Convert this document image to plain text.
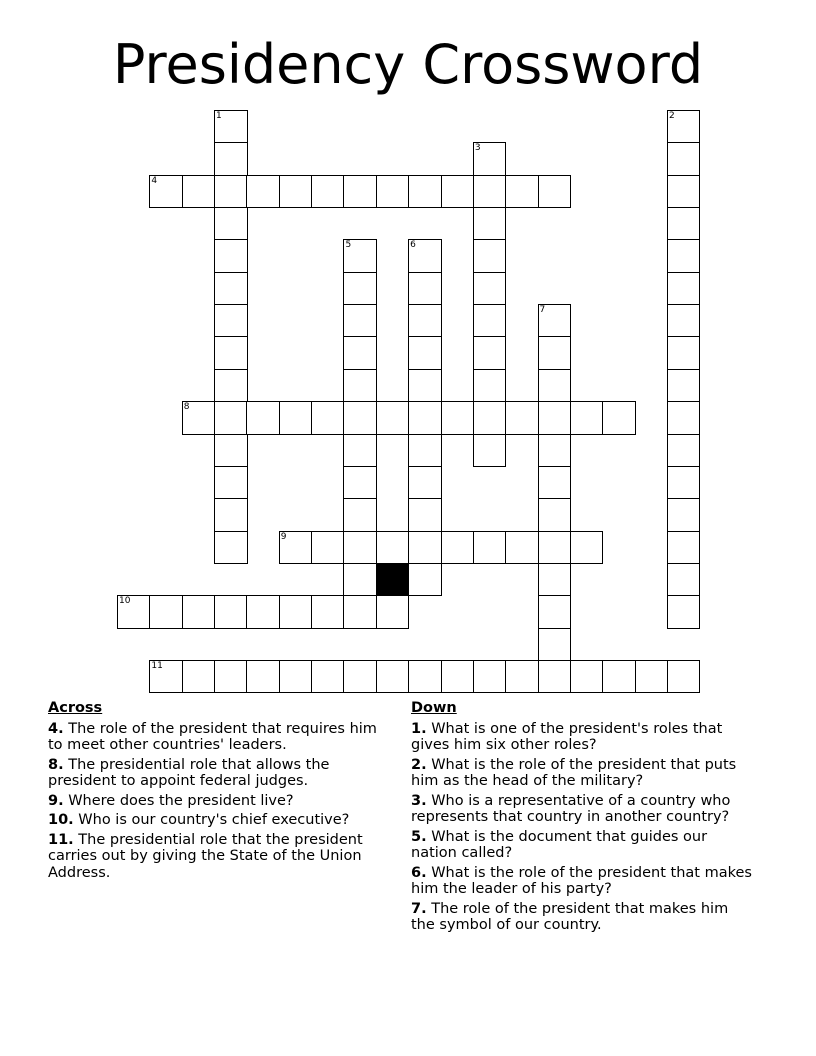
Presidency Crossword
1	2
3
4
5	6
7
8
9
10
11
Across
4. The role of the president that requires him to meet other countries' leaders.
8. The presidential role that allows the president to appoint federal judges.
9. Where does the president live?
10. Who is our country's chief executive?
11. The presidential role that the president carries out by giving the State of the Union Address.
Down
1. What is one of the president's roles that gives him six other roles?
2. What is the role of the president that puts him as the head of the military?
3. Who is a representative of a country who represents that country in another country?
5. What is the document that guides our nation called?
6. What is the role of the president that makes him the leader of his party?
7. The role of the president that makes him the symbol of our country.
